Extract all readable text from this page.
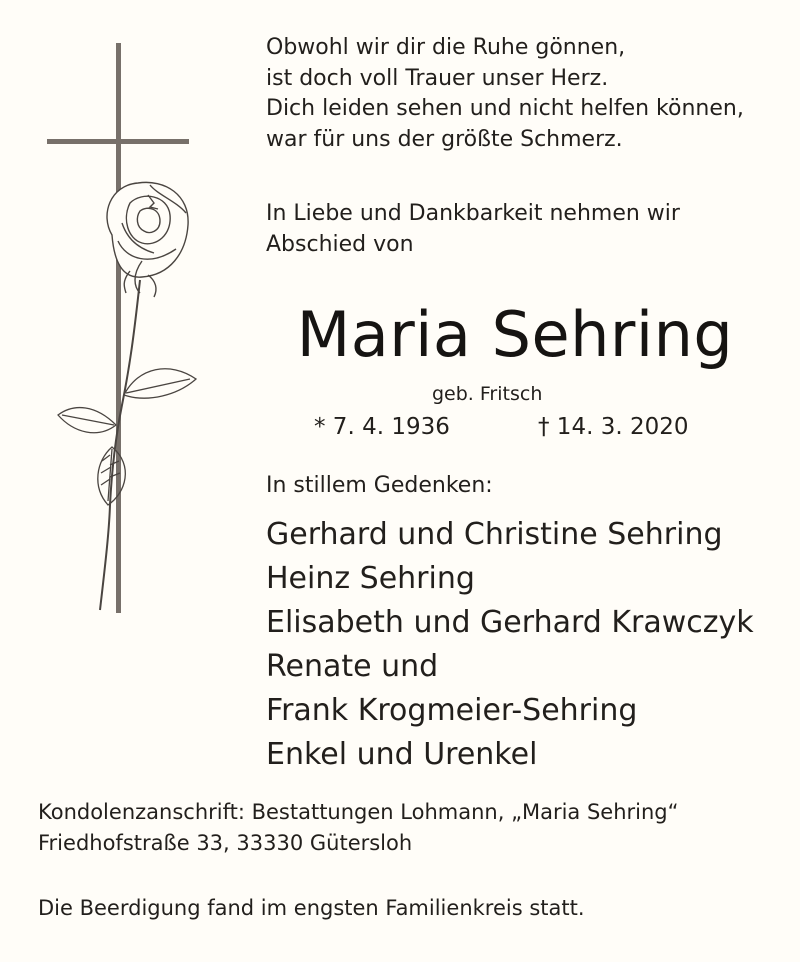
Obwohl wir dir die Ruhe gönnen,
ist doch voll Trauer unser Herz.
Dich leiden sehen und nicht helfen können,
war für uns der größte Schmerz.
In Liebe und Dankbarkeit nehmen wir
Abschied von
Maria Sehring
geb. Fritsch
* 7. 4. 1936	† 14. 3. 2020
In stillem Gedenken:
Gerhard und Christine Sehring
Heinz Sehring
Elisabeth und Gerhard Krawczyk
Renate und
Frank Krogmeier-Sehring
Enkel und Urenkel
Kondolenzanschrift: Bestattungen Lohmann, „Maria Sehring“
Friedhofstraße 33, 33330 Gütersloh
Die Beerdigung fand im engsten Familienkreis statt.
